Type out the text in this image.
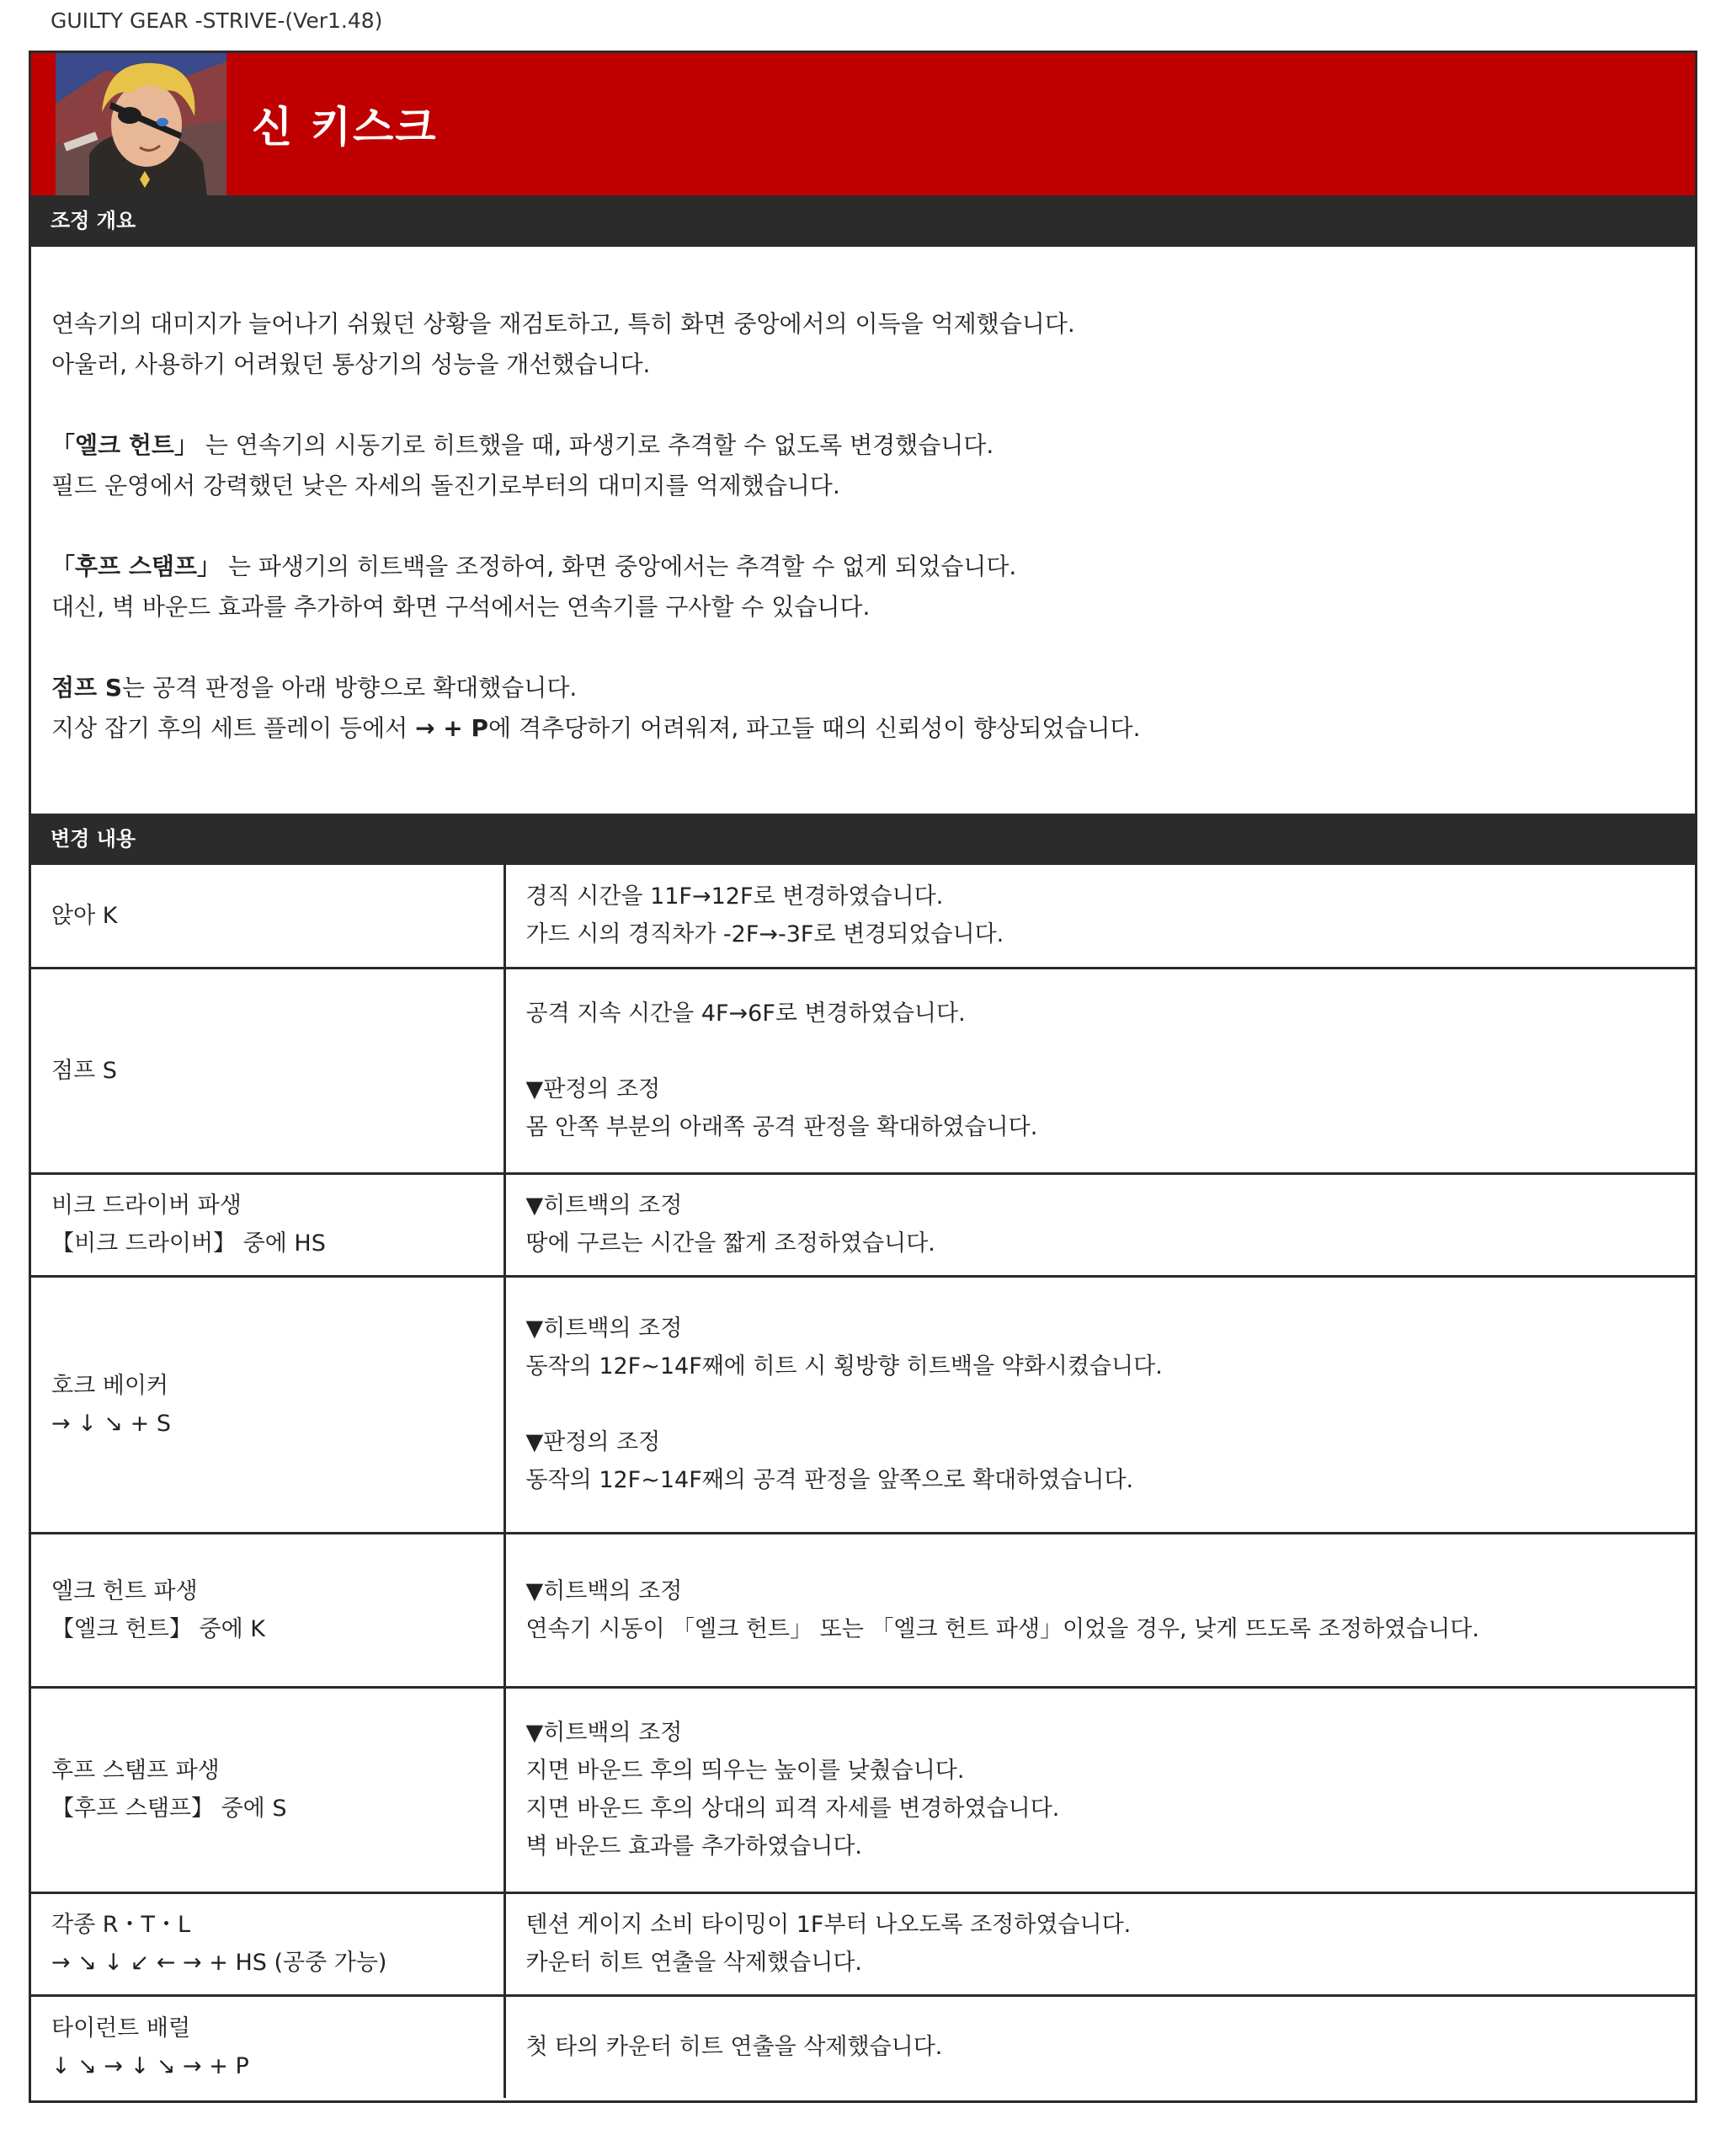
GUILTY GEAR -STRIVE-(Ver1.48)
신 키스크
조정 개요

연속기의 대미지가 늘어나기 쉬웠던 상황을 재검토하고, 특히 화면 중앙에서의 이득을 억제했습니다.
아울러, 사용하기 어려웠던 통상기의 성능을 개선했습니다.

「엘크 헌트」 는 연속기의 시동기로 히트했을 때, 파생기로 추격할 수 없도록 변경했습니다.
필드 운영에서 강력했던 낮은 자세의 돌진기로부터의 대미지를 억제했습니다.

「후프 스탬프」 는 파생기의 히트백을 조정하여, 화면 중앙에서는 추격할 수 없게 되었습니다.
대신, 벽 바운드 효과를 추가하여 화면 구석에서는 연속기를 구사할 수 있습니다.

점프 S는 공격 판정을 아래 방향으로 확대했습니다.
지상 잡기 후의 세트 플레이 등에서 → + P에 격추당하기 어려워져, 파고들 때의 신뢰성이 향상되었습니다.

변경 내용
앉아 K	경직 시간을 11F→12F로 변경하였습니다.
가드 시의 경직차가 -2F→-3F로 변경되었습니다.

점프 S	공격 지속 시간을 4F→6F로 변경하였습니다.
▼판정의 조정
몸 안쪽 부분의 아래쪽 공격 판정을 확대하였습니다.

비크 드라이버 파생
【비크 드라이버】 중에 HS	▼히트백의 조정
땅에 구르는 시간을 짧게 조정하였습니다.

호크 베이커
→ ↓ ↘ + S	▼히트백의 조정
동작의 12F~14F째에 히트 시 횡방향 히트백을 약화시켰습니다.
▼판정의 조정
동작의 12F~14F째의 공격 판정을 앞쪽으로 확대하였습니다.

엘크 헌트 파생
【엘크 헌트】 중에 K	▼히트백의 조정
연속기 시동이 「엘크 헌트」 또는 「엘크 헌트 파생」이었을 경우, 낮게 뜨도록 조정하였습니다.

후프 스탬프 파생
【후프 스탬프】 중에 S	▼히트백의 조정
지면 바운드 후의 띄우는 높이를 낮췄습니다.
지면 바운드 후의 상대의 피격 자세를 변경하였습니다.
벽 바운드 효과를 추가하였습니다.

각종 R・T・L
→ ↘ ↓ ↙ ← → + HS (공중 가능)	텐션 게이지 소비 타이밍이 1F부터 나오도록 조정하였습니다.
카운터 히트 연출을 삭제했습니다.

타이런트 배럴
↓ ↘ → ↓ ↘ → + P	첫 타의 카운터 히트 연출을 삭제했습니다.
